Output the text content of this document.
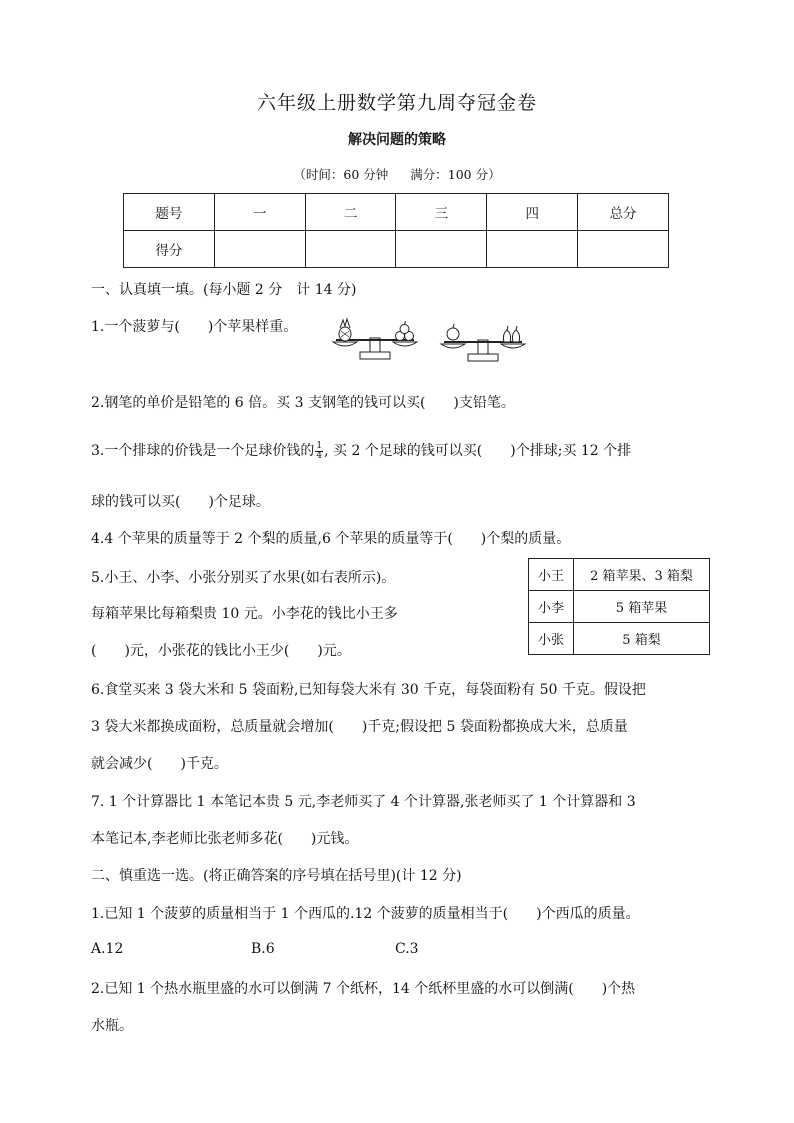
六年级上册数学第九周夺冠金卷
解决问题的策略
（时间：60 分钟 满分：100 分）
题号	一	二	三	四	总分
得分					
一、认真填一填。(每小题 2 分　计 14 分)
1.一个菠萝与(　　)个苹果样重。
2.钢笔的单价是铅笔的 6 倍。买 3 支钢笔的钱可以买(　　)支铅笔。
3.一个排球的价钱是一个足球价钱的 $\frac{1}{4}$ , 买 2 个足球的钱可以买(　　)个排球;买 12 个排
球的钱可以买(　　)个足球。
4.4 个苹果的质量等于 2 个梨的质量,6 个苹果的质量等于(　　)个梨的质量。
5.小王、小李、小张分别买了水果(如右表所示)。
每箱苹果比每箱梨贵 10 元。小李花的钱比小王多
(　　)元，小张花的钱比小王少(　　)元。
小王	2 箱苹果、3 箱梨
小李	5 箱苹果
小张	5 箱梨
6.食堂买来 3 袋大米和 5 袋面粉,已知每袋大米有 30 千克，每袋面粉有 50 千克。假设把
3 袋大米都换成面粉，总质量就会增加(　　)千克;假设把 5 袋面粉都换成大米，总质量
就会减少(　　)千克。
7. 1 个计算器比 1 本笔记本贵 5 元,李老师买了 4 个计算器,张老师买了 1 个计算器和 3
本笔记本,李老师比张老师多花(　　)元钱。
二、慎重选一选。(将正确答案的序号填在括号里)(计 12 分)
1.已知 1 个菠萝的质量相当于 1 个西瓜的.12 个菠萝的质量相当于(　　)个西瓜的质量。
A.12	B.6	C.3
2.已知 1 个热水瓶里盛的水可以倒满 7 个纸杯，14 个纸杯里盛的水可以倒满(　　)个热
水瓶。
